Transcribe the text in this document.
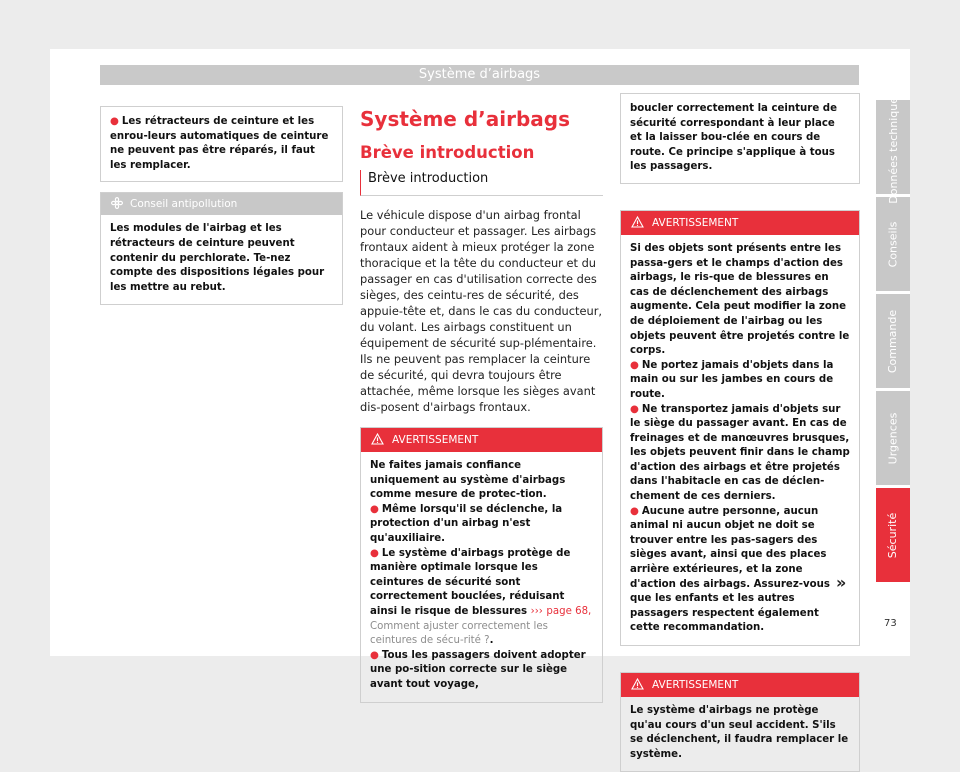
Système d’airbags
● Les rétracteurs de ceinture et les enrou-leurs automatiques de ceinture ne peuvent pas être réparés, il faut les remplacer.
Conseil antipollution
Les modules de l'airbag et les rétracteurs de ceinture peuvent contenir du perchlorate. Te-nez compte des dispositions légales pour les mettre au rebut.
Système d’airbags
Brève introduction
Brève introduction
Le véhicule dispose d'un airbag frontal pour conducteur et passager. Les airbags frontaux aident à mieux protéger la zone thoracique et la tête du conducteur et du passager en cas d'utilisation correcte des sièges, des ceintu-res de sécurité, des appuie-tête et, dans le cas du conducteur, du volant. Les airbags constituent un équipement de sécurité sup-plémentaire. Ils ne peuvent pas remplacer la ceinture de sécurité, qui devra toujours être attachée, même lorsque les sièges avant dis-posent d'airbags frontaux.
AVERTISSEMENT
Ne faites jamais confiance uniquement au système d'airbags comme mesure de protec-tion.
● Même lorsqu'il se déclenche, la protection d'un airbag n'est qu'auxiliaire.
● Le système d'airbags protège de manière optimale lorsque les ceintures de sécurité sont correctement bouclées, réduisant ainsi le risque de blessures ››› page 68, Comment ajuster correctement les ceintures de sécu-rité ?.
● Tous les passagers doivent adopter une po-sition correcte sur le siège avant tout voyage,
boucler correctement la ceinture de sécurité correspondant à leur place et la laisser bou-clée en cours de route. Ce principe s'applique à tous les passagers.
AVERTISSEMENT
Si des objets sont présents entre les passa-gers et le champs d'action des airbags, le ris-que de blessures en cas de déclenchement des airbags augmente. Cela peut modifier la zone de déploiement de l'airbag ou les objets peuvent être projetés contre le corps.
● Ne portez jamais d'objets dans la main ou sur les jambes en cours de route.
● Ne transportez jamais d'objets sur le siège du passager avant. En cas de freinages et de manœuvres brusques, les objets peuvent finir dans le champ d'action des airbags et être projetés dans l'habitacle en cas de déclen-chement de ces derniers.
● Aucune autre personne, aucun animal ni aucun objet ne doit se trouver entre les pas-sagers des sièges avant, ainsi que des places arrière extérieures, et la zone d'action des airbags. Assurez-vous que les enfants et les autres passagers respectent également cette recommandation.
AVERTISSEMENT
Le système d'airbags ne protège qu'au cours d'un seul accident. S'ils se déclenchent, il faudra remplacer le système.
»
Données techniques
Conseils
Commande
Urgences
Sécurité
73
